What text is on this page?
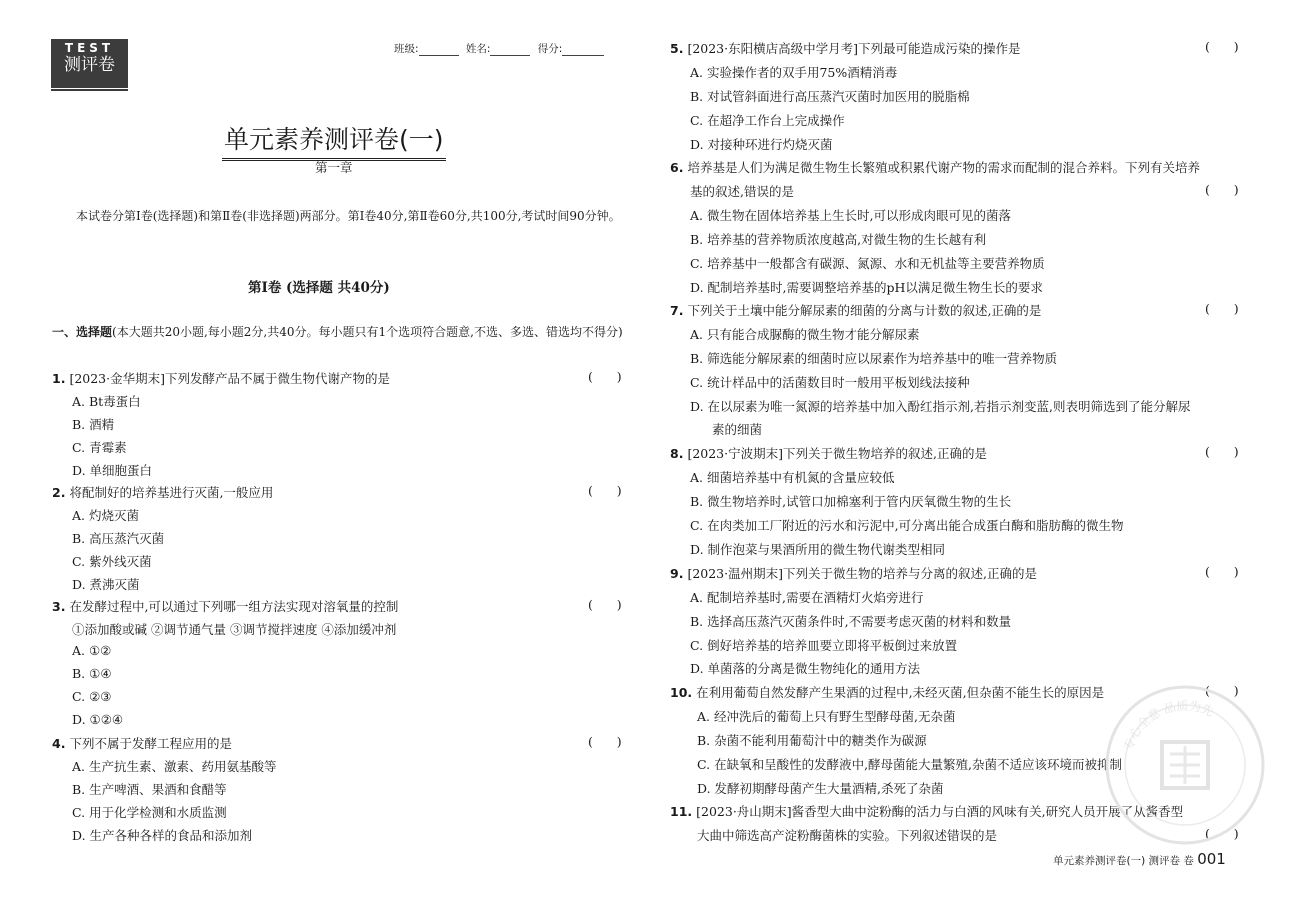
TEST
测评卷
班级:	姓名:	得分:
单元素养测评卷(一)
第一章
本试卷分第Ⅰ卷(选择题)和第Ⅱ卷(非选择题)两部分。第Ⅰ卷40分,第Ⅱ卷60分,共100分,考试时间90分钟。
第Ⅰ卷 (选择题 共40分)
一、选择题(本大题共20小题,每小题2分,共40分。每小题只有1个选项符合题意,不选、多选、错选均不得分)
1. [2023·金华期末]下列发酵产品不属于微生物代谢产物的是	(      )
A. Bt毒蛋白
B. 酒精
C. 青霉素
D. 单细胞蛋白
2. 将配制好的培养基进行灭菌,一般应用	(      )
A. 灼烧灭菌
B. 高压蒸汽灭菌
C. 紫外线灭菌
D. 煮沸灭菌
3. 在发酵过程中,可以通过下列哪一组方法实现对溶氧量的控制	(      )
①添加酸或碱 ②调节通气量 ③调节搅拌速度 ④添加缓冲剂
A. ①②
B. ①④
C. ②③
D. ①②④
4. 下列不属于发酵工程应用的是	(      )
A. 生产抗生素、激素、药用氨基酸等
B. 生产啤酒、果酒和食醋等
C. 用于化学检测和水质监测
D. 生产各种各样的食品和添加剂
5. [2023·东阳横店高级中学月考]下列最可能造成污染的操作是	(      )
A. 实验操作者的双手用75%酒精消毒
B. 对试管斜面进行高压蒸汽灭菌时加医用的脱脂棉
C. 在超净工作台上完成操作
D. 对接种环进行灼烧灭菌
6. 培养基是人们为满足微生物生长繁殖或积累代谢产物的需求而配制的混合养料。下列有关培养
基的叙述,错误的是	(      )
A. 微生物在固体培养基上生长时,可以形成肉眼可见的菌落
B. 培养基的营养物质浓度越高,对微生物的生长越有利
C. 培养基中一般都含有碳源、氮源、水和无机盐等主要营养物质
D. 配制培养基时,需要调整培养基的pH以满足微生物生长的要求
7. 下列关于土壤中能分解尿素的细菌的分离与计数的叙述,正确的是	(      )
A. 只有能合成脲酶的微生物才能分解尿素
B. 筛选能分解尿素的细菌时应以尿素作为培养基中的唯一营养物质
C. 统计样品中的活菌数目时一般用平板划线法接种
D. 在以尿素为唯一氮源的培养基中加入酚红指示剂,若指示剂变蓝,则表明筛选到了能分解尿
素的细菌
8. [2023·宁波期末]下列关于微生物培养的叙述,正确的是	(      )
A. 细菌培养基中有机氮的含量应较低
B. 微生物培养时,试管口加棉塞利于管内厌氧微生物的生长
C. 在肉类加工厂附近的污水和污泥中,可分离出能合成蛋白酶和脂肪酶的微生物
D. 制作泡菜与果酒所用的微生物代谢类型相同
9. [2023·温州期末]下列关于微生物的培养与分离的叙述,正确的是	(      )
A. 配制培养基时,需要在酒精灯火焰旁进行
B. 选择高压蒸汽灭菌条件时,不需要考虑灭菌的材料和数量
C. 倒好培养基的培养皿要立即将平板倒过来放置
D. 单菌落的分离是微生物纯化的通用方法
10. 在利用葡萄自然发酵产生果酒的过程中,未经灭菌,但杂菌不能生长的原因是	(      )
A. 经冲洗后的葡萄上只有野生型酵母菌,无杂菌
B. 杂菌不能利用葡萄汁中的糖类作为碳源
C. 在缺氧和呈酸性的发酵液中,酵母菌能大量繁殖,杂菌不适应该环境而被抑制
D. 发酵初期酵母菌产生大量酒精,杀死了杂菌
11. [2023·舟山期末]酱香型大曲中淀粉酶的活力与白酒的风味有关,研究人员开展了从酱香型
大曲中筛选高产淀粉酶菌株的实验。下列叙述错误的是	(      )
单元素养测评卷(一) 测评卷 卷 001
专心全意 品质为先
